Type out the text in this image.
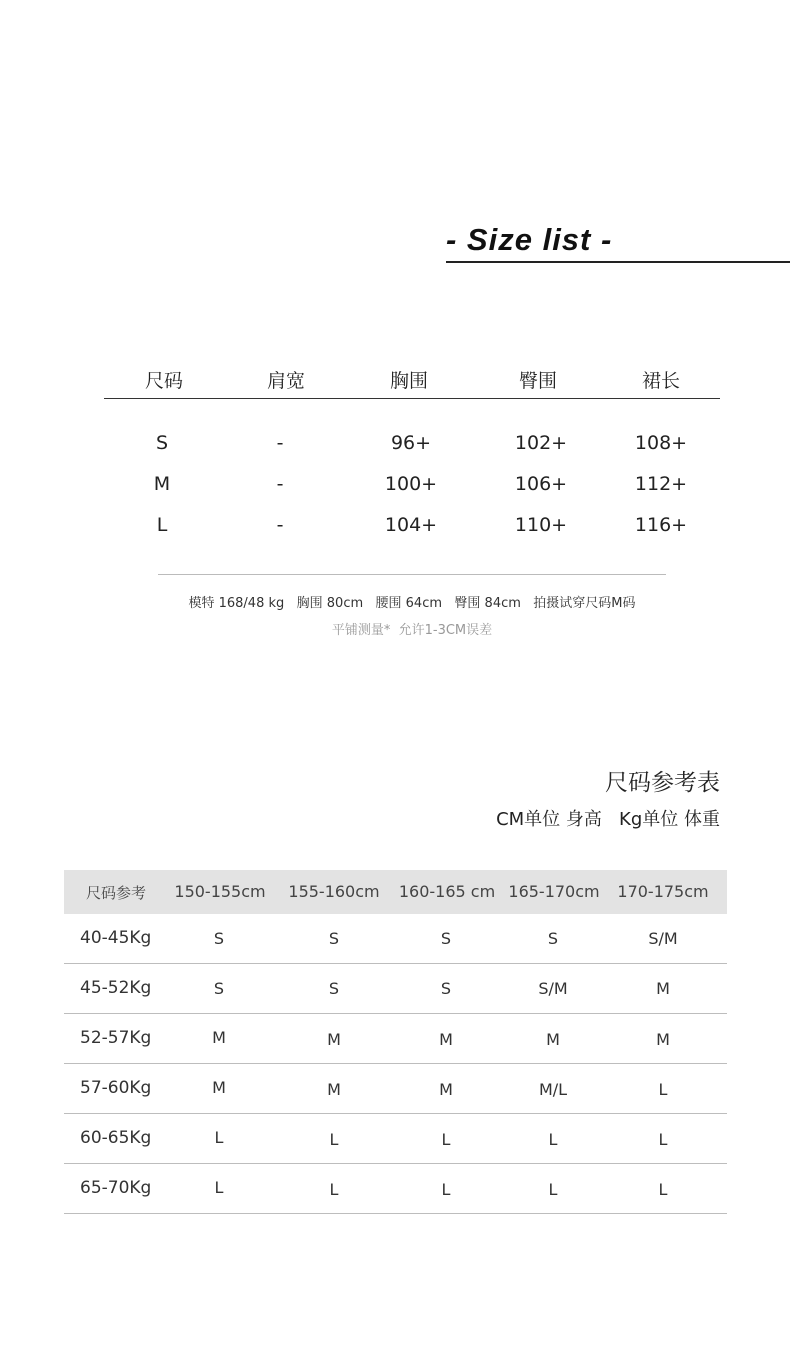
- Size list -
尺码	肩宽	胸围	臀围	裙长
S	-	96+	102+	108+
M	-	100+	106+	112+
L	-	104+	110+	116+
模特 168/48 kg   胸围 80cm   腰围 64cm   臀围 84cm   拍摄试穿尺码M码
平铺测量*  允许1-3CM误差
尺码参考表
CM单位 身高   Kg单位 体重
尺码参考 150-155cm 155-160cm 160-165 cm 165-170cm 170-175cm
40-45Kg	S	S	S	S	S/M
45-52Kg	S	S	S	S/M	M
52-57Kg	M	M	M	M	M
57-60Kg	M	M	M	M/L	L
60-65Kg	L	L	L	L	L
65-70Kg	L	L	L	L	L
